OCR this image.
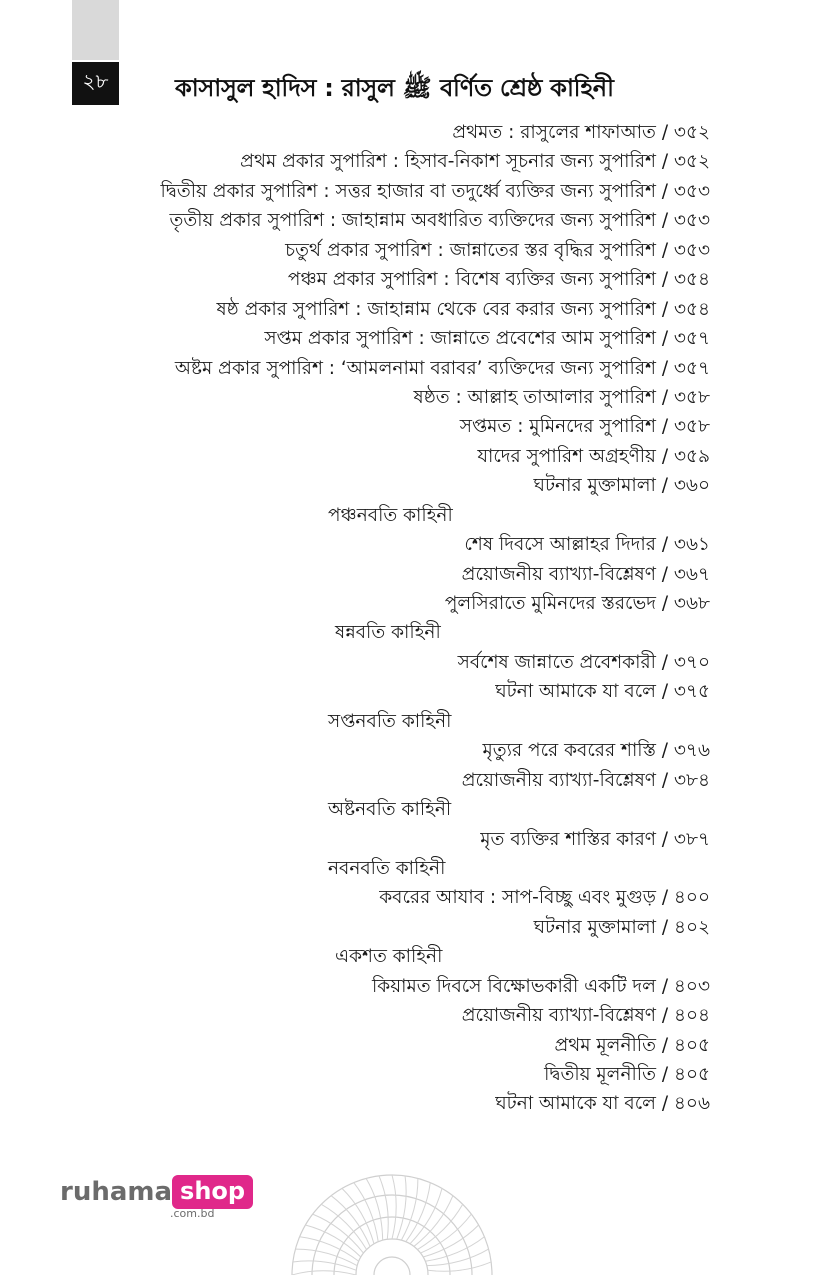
২৮	কাসাসুল হাদিস : রাসুল ﷺ বর্ণিত শ্রেষ্ঠ কাহিনী
প্রথমত : রাসুলের শাফাআত / ৩৫২
প্রথম প্রকার সুপারিশ : হিসাব-নিকাশ সূচনার জন্য সুপারিশ / ৩৫২
দ্বিতীয় প্রকার সুপারিশ : সত্তর হাজার বা তদুর্ধ্বে ব্যক্তির জন্য সুপারিশ / ৩৫৩
তৃতীয় প্রকার সুপারিশ : জাহান্নাম অবধারিত ব্যক্তিদের জন্য সুপারিশ / ৩৫৩
চতুর্থ প্রকার সুপারিশ : জান্নাতের স্তর বৃদ্ধির সুপারিশ / ৩৫৩
পঞ্চম প্রকার সুপারিশ : বিশেষ ব্যক্তির জন্য সুপারিশ / ৩৫৪
ষষ্ঠ প্রকার সুপারিশ : জাহান্নাম থেকে বের করার জন্য সুপারিশ / ৩৫৪
সপ্তম প্রকার সুপারিশ : জান্নাতে প্রবেশের আম সুপারিশ / ৩৫৭
অষ্টম প্রকার সুপারিশ : ‘আমলনামা বরাবর’ ব্যক্তিদের জন্য সুপারিশ / ৩৫৭
ষষ্ঠত : আল্লাহ তাআলার সুপারিশ / ৩৫৮
সপ্তমত : মুমিনদের সুপারিশ / ৩৫৮
যাদের সুপারিশ অগ্রহণীয় / ৩৫৯
ঘটনার মুক্তামালা / ৩৬০
পঞ্চনবতি কাহিনী
শেষ দিবসে আল্লাহর দিদার / ৩৬১
প্রয়োজনীয় ব্যাখ্যা-বিশ্লেষণ / ৩৬৭
পুলসিরাতে মুমিনদের স্তরভেদ / ৩৬৮
ষন্নবতি কাহিনী
সর্বশেষ জান্নাতে প্রবেশকারী / ৩৭০
ঘটনা আমাকে যা বলে / ৩৭৫
সপ্তনবতি কাহিনী
মৃত্যুর পরে কবরের শাস্তি / ৩৭৬
প্রয়োজনীয় ব্যাখ্যা-বিশ্লেষণ / ৩৮৪
অষ্টনবতি কাহিনী
মৃত ব্যক্তির শাস্তির কারণ / ৩৮৭
নবনবতি কাহিনী
কবরের আযাব : সাপ-বিচ্ছু এবং মুগুড় / ৪০০
ঘটনার মুক্তামালা / ৪০২
একশত কাহিনী
কিয়ামত দিবসে বিক্ষোভকারী একটি দল / ৪০৩
প্রয়োজনীয় ব্যাখ্যা-বিশ্লেষণ / ৪০৪
প্রথম মূলনীতি / ৪০৫
দ্বিতীয় মূলনীতি / ৪০৫
ঘটনা আমাকে যা বলে / ৪০৬
ruhama shop
.com.bd
